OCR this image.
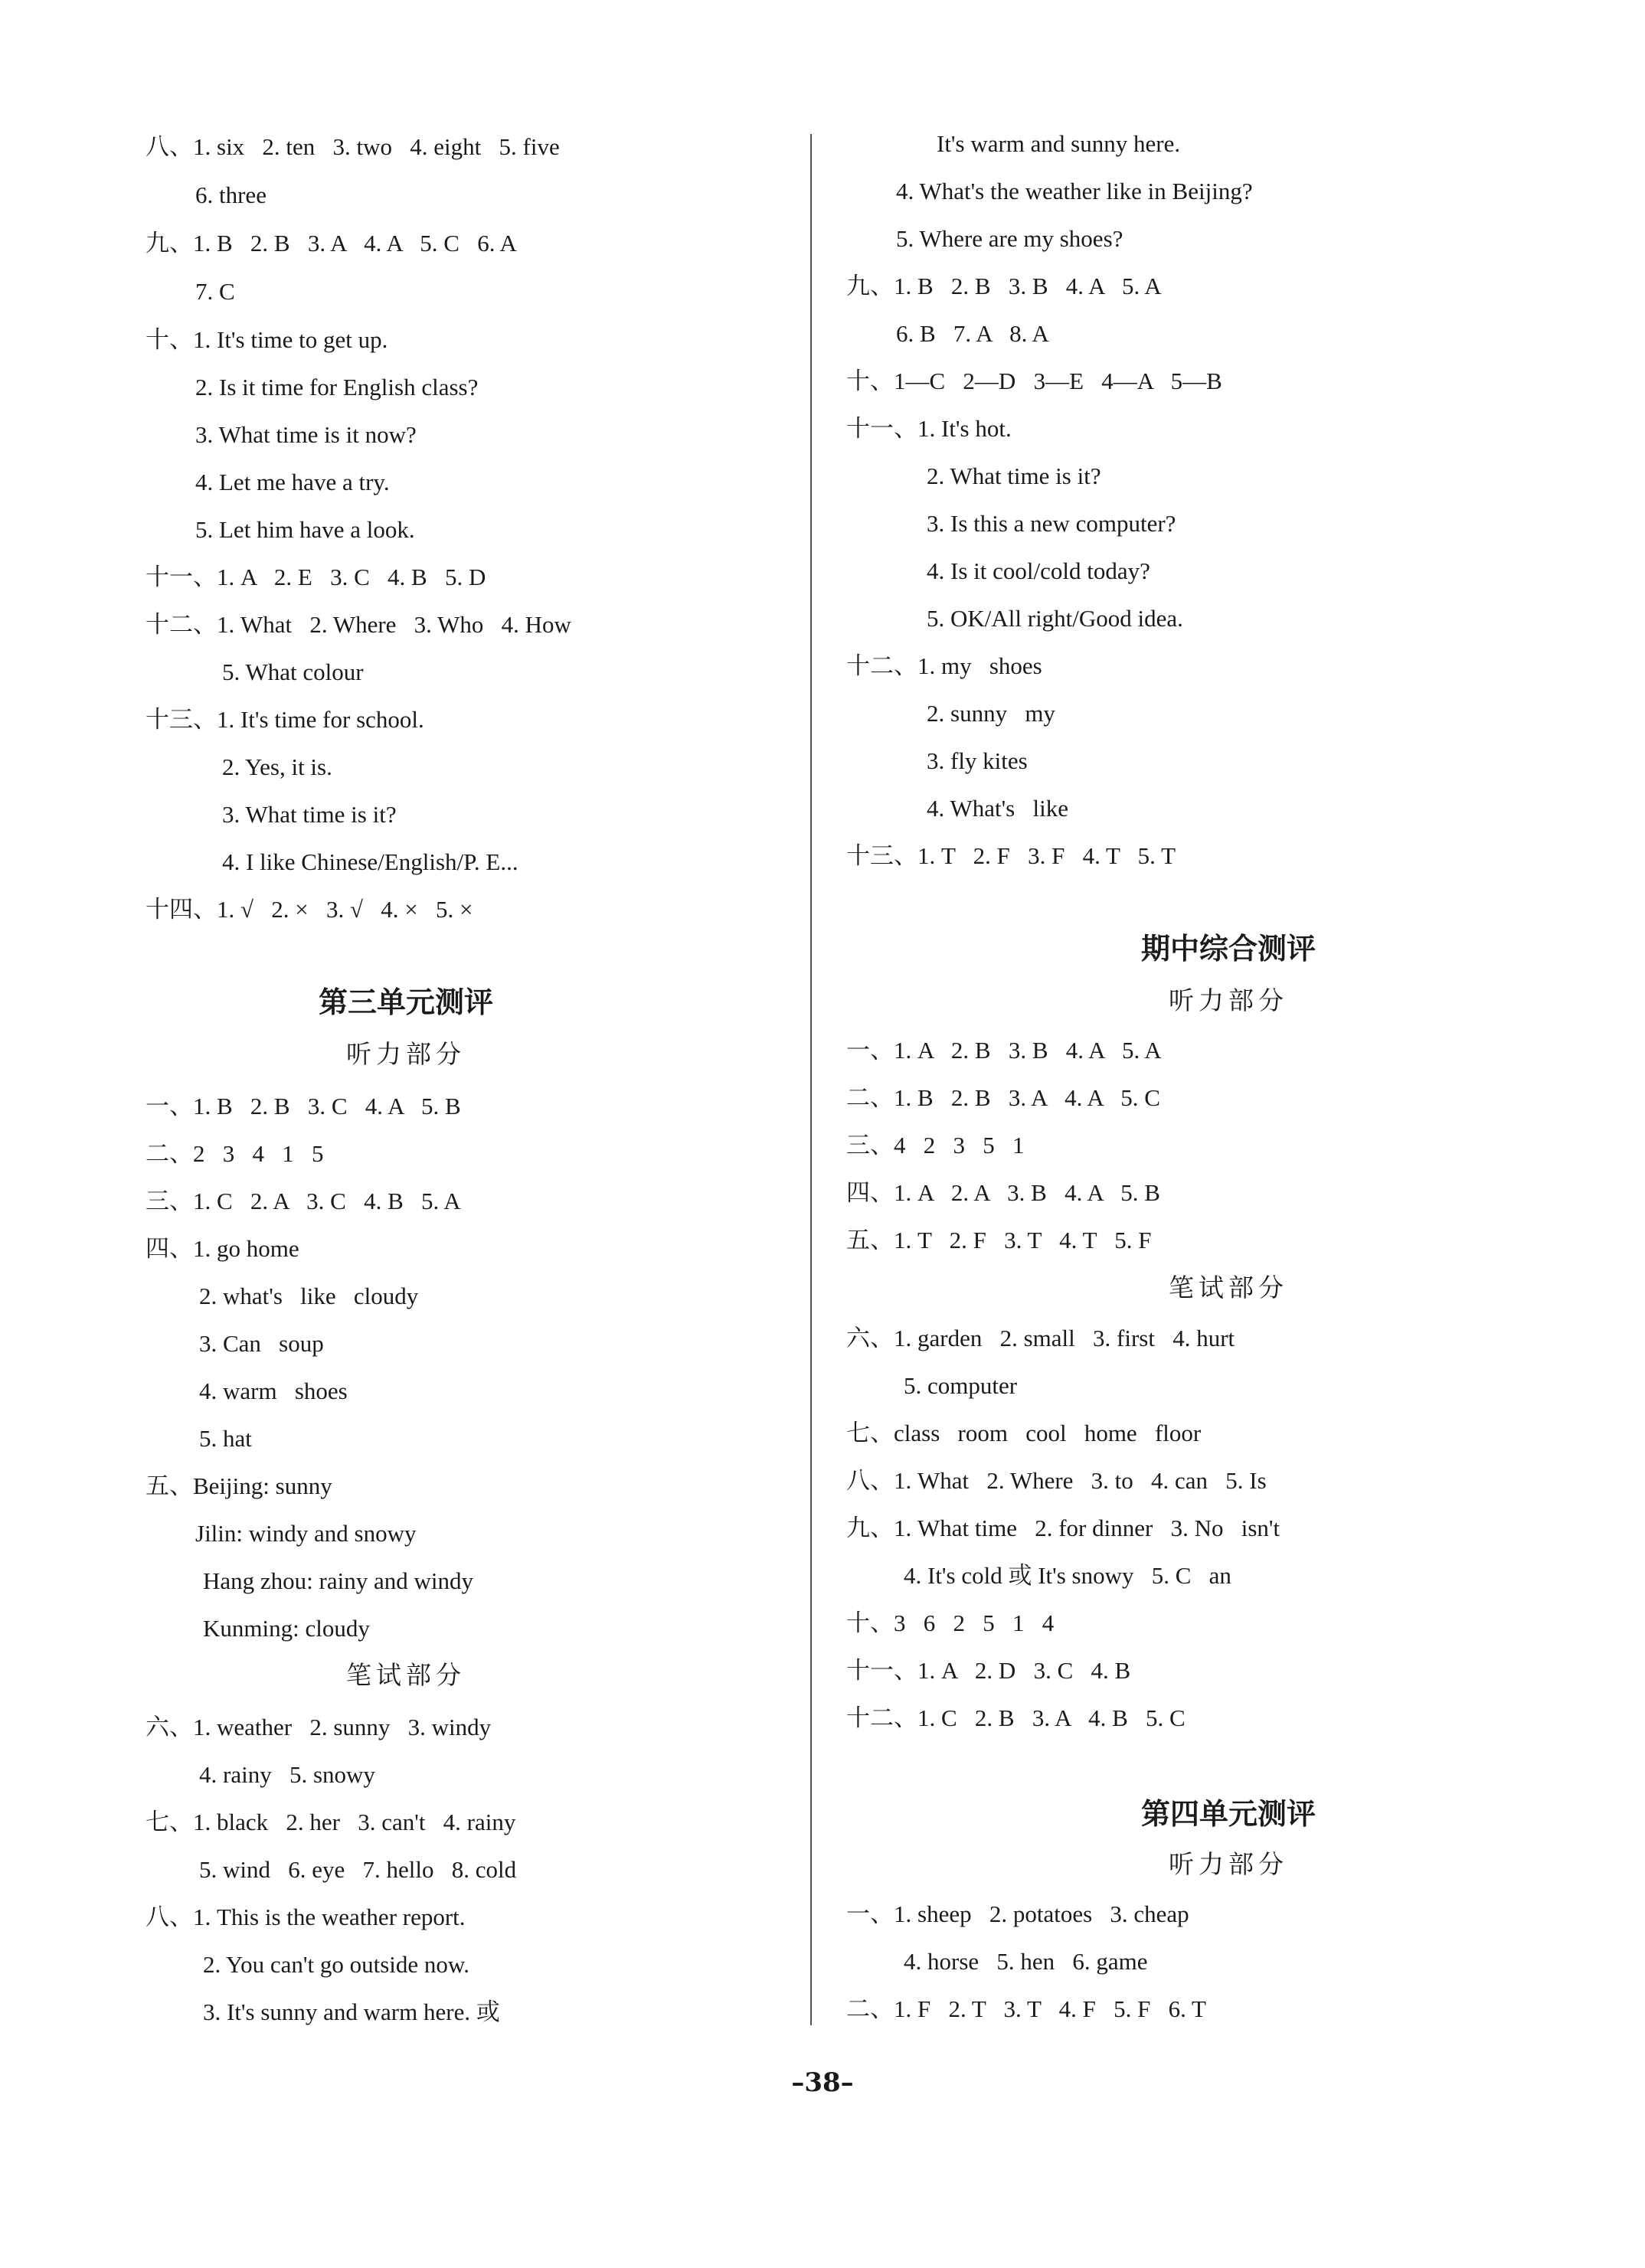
八、1. six   2. ten   3. two   4. eight   5. five
6. three
九、1. B   2. B   3. A   4. A   5. C   6. A
7. C
十、1. It's time to get up.
2. Is it time for English class?
3. What time is it now?
4. Let me have a try.
5. Let him have a look.
十一、1. A   2. E   3. C   4. B   5. D
十二、1. What   2. Where   3. Who   4. How
5. What colour
十三、1. It's time for school.
2. Yes, it is.
3. What time is it?
4. I like Chinese/English/P. E...
十四、1. √   2. ×   3. √   4. ×   5. ×
第三单元测评
听力部分
一、1. B   2. B   3. C   4. A   5. B
二、2   3   4   1   5
三、1. C   2. A   3. C   4. B   5. A
四、1. go home
2. what's   like   cloudy
3. Can   soup
4. warm   shoes
5. hat
五、Beijing: sunny
Jilin: windy and snowy
Hang zhou: rainy and windy
Kunming: cloudy
笔试部分
六、1. weather   2. sunny   3. windy
4. rainy   5. snowy
七、1. black   2. her   3. can't   4. rainy
5. wind   6. eye   7. hello   8. cold
八、1. This is the weather report.
2. You can't go outside now.
3. It's sunny and warm here. 或
It's warm and sunny here.
4. What's the weather like in Beijing?
5. Where are my shoes?
九、1. B   2. B   3. B   4. A   5. A
6. B   7. A   8. A
十、1—C   2—D   3—E   4—A   5—B
十一、1. It's hot.
2. What time is it?
3. Is this a new computer?
4. Is it cool/cold today?
5. OK/All right/Good idea.
十二、1. my   shoes
2. sunny   my
3. fly kites
4. What's   like
十三、1. T   2. F   3. F   4. T   5. T
期中综合测评
听力部分
一、1. A   2. B   3. B   4. A   5. A
二、1. B   2. B   3. A   4. A   5. C
三、4   2   3   5   1
四、1. A   2. A   3. B   4. A   5. B
五、1. T   2. F   3. T   4. T   5. F
笔试部分
六、1. garden   2. small   3. first   4. hurt
5. computer
七、class   room   cool   home   floor
八、1. What   2. Where   3. to   4. can   5. Is
九、1. What time   2. for dinner   3. No   isn't
4. It's cold 或 It's snowy   5. C   an
十、3   6   2   5   1   4
十一、1. A   2. D   3. C   4. B
十二、1. C   2. B   3. A   4. B   5. C
第四单元测评
听力部分
一、1. sheep   2. potatoes   3. cheap
4. horse   5. hen   6. game
二、1. F   2. T   3. T   4. F   5. F   6. T
–38–
